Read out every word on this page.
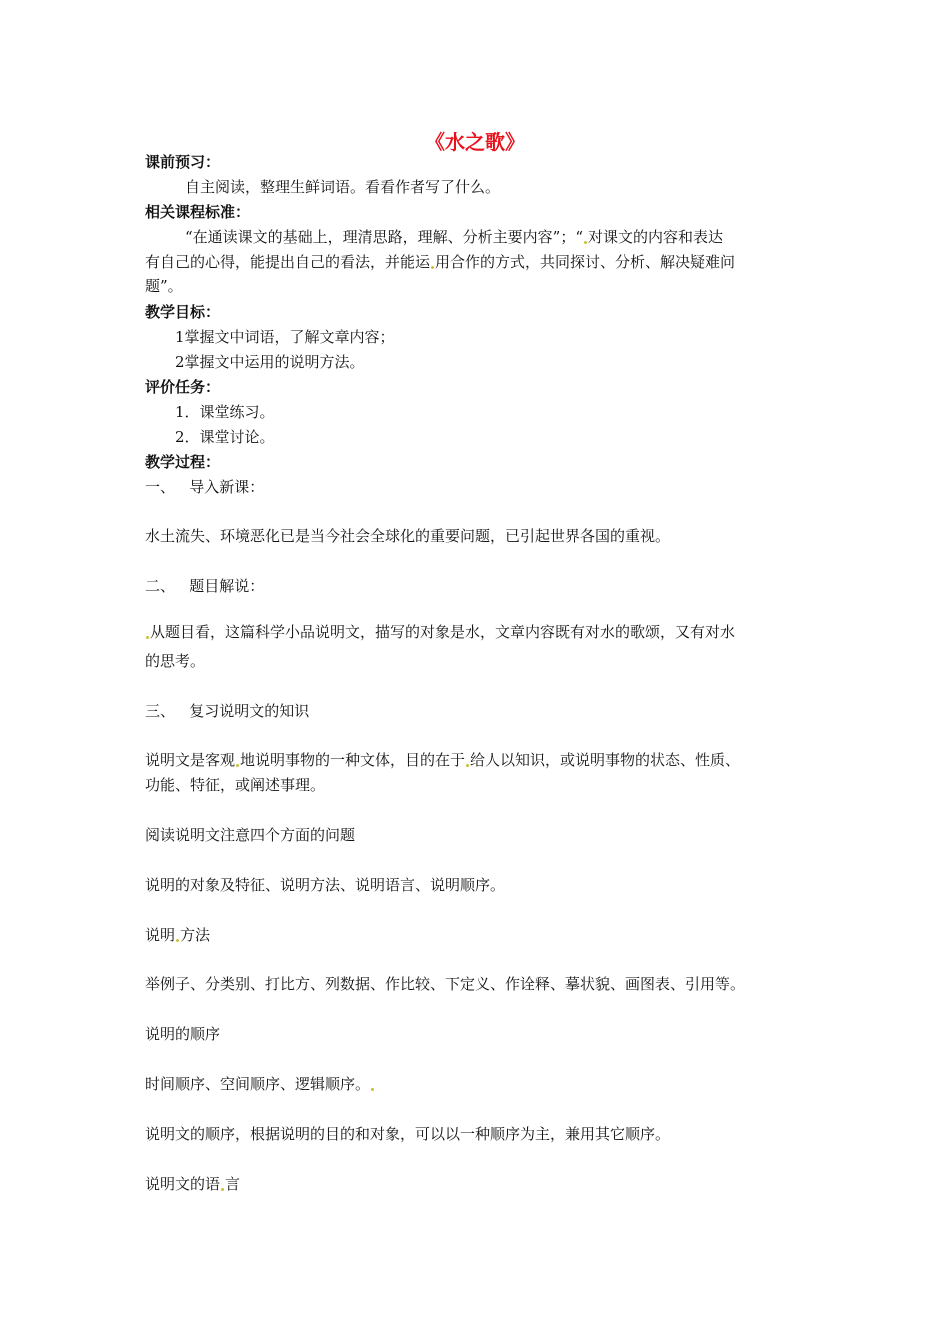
《水之歌》
课前预习：
自主阅读，整理生鲜词语。看看作者写了什么。
相关课程标准：
“在通读课文的基础上，理清思路，理解、分析主要内容”；“ 对课文的内容和表达
有自己的心得，能提出自己的看法，并能运 用合作的方式，共同探讨、分析、解决疑难问
题”。
教学目标：
1掌握文中词语，了解文章内容；
2掌握文中运用的说明方法。
评价任务：
1．课堂练习。
2．课堂讨论。
教学过程：
一、   导入新课：
水土流失、环境恶化已是当今社会全球化的重要问题，已引起世界各国的重视。
二、   题目解说：
从题目看，这篇科学小品说明文，描写的对象是水，文章内容既有对水的歌颂，又有对水
的思考。
三、   复习说明文的知识
说明文是客观 地说明事物的一种文体，目的在于 给人以知识，或说明事物的状态、性质、
功能、特征，或阐述事理。
阅读说明文注意四个方面的问题
说明的对象及特征、说明方法、说明语言、说明顺序。
说明 方法
举例子、分类别、打比方、列数据、作比较、下定义、作诠释、摹状貌、画图表、引用等。
说明的顺序
时间顺序、空间顺序、逻辑顺序。
说明文的顺序，根据说明的目的和对象，可以以一种顺序为主，兼用其它顺序。
说明文的语 言
